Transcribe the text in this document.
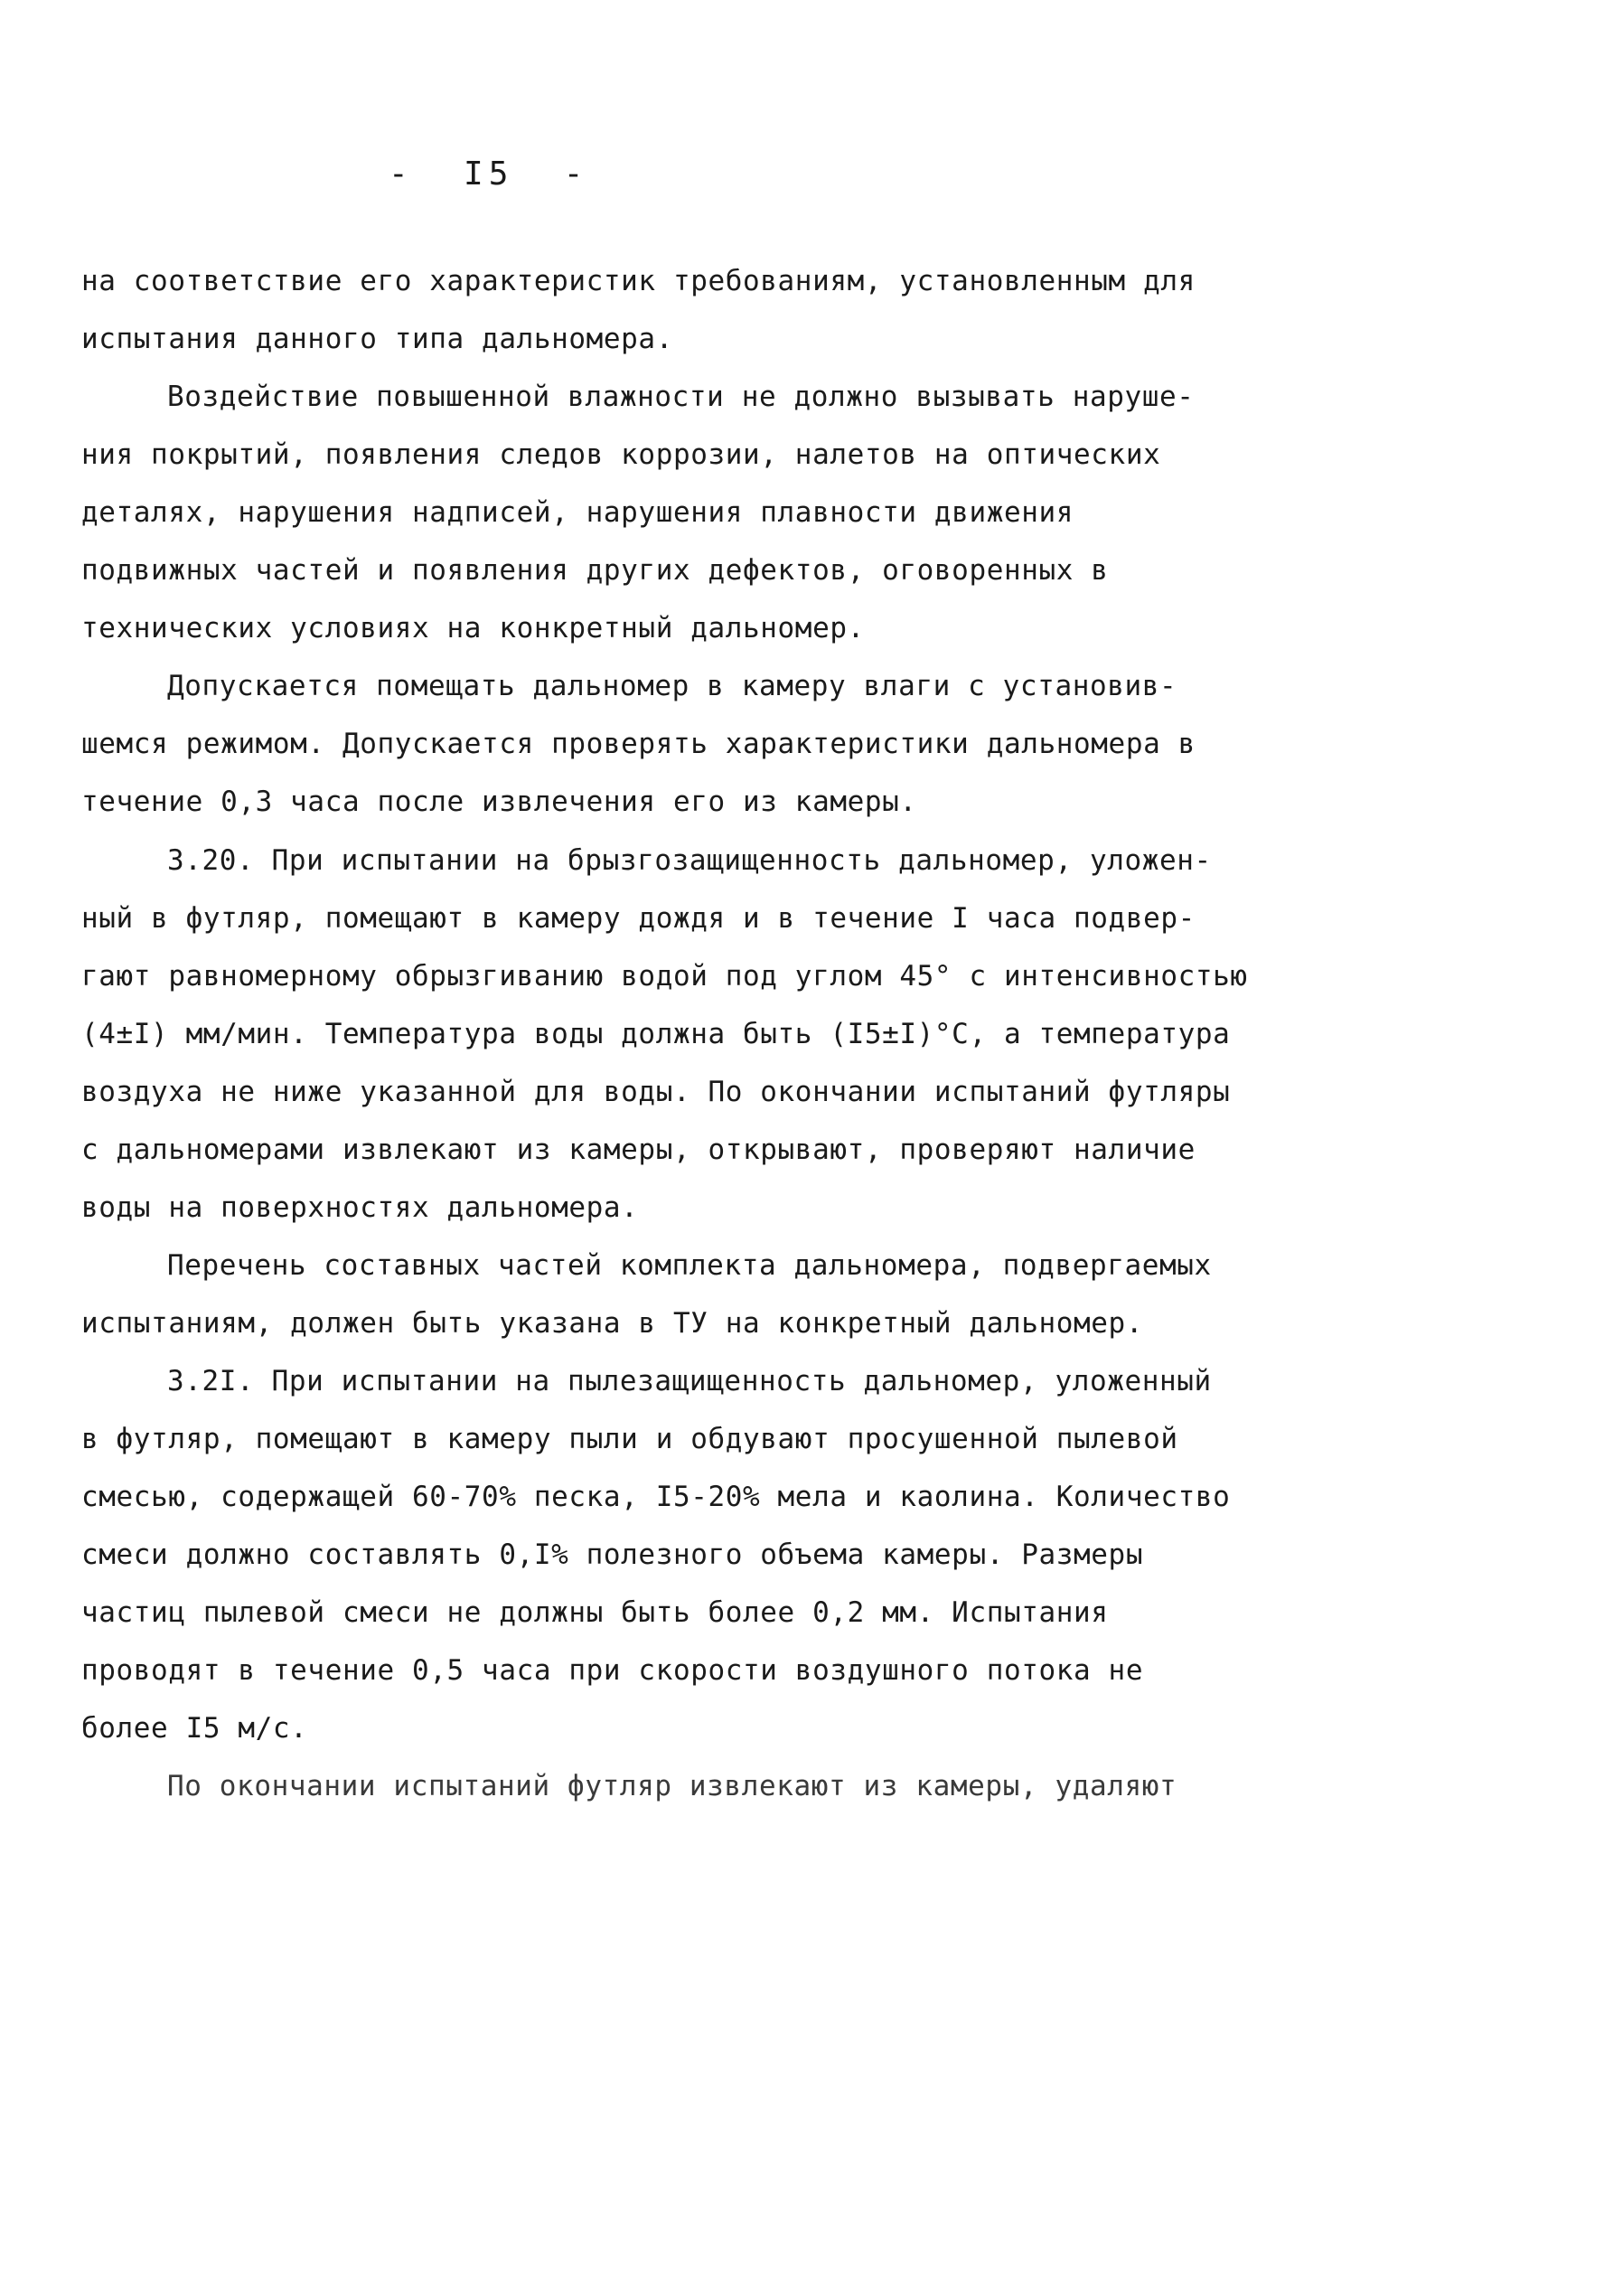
-  I5  -
на соответствие его характеристик требованиям, установленным для
испытания данного типа дальномера.
Воздействие повышенной влажности не должно вызывать наруше-
ния покрытий, появления следов коррозии, налетов на оптических
деталях, нарушения надписей, нарушения плавности движения
подвижных частей и появления других дефектов, оговоренных в
технических условиях на конкретный дальномер.
Допускается помещать дальномер в камеру влаги с установив-
шемся режимом. Допускается проверять характеристики дальномера в
течение 0,3 часа после извлечения его из камеры.
3.20. При испытании на брызгозащищенность дальномер, уложен-
ный в футляр, помещают в камеру дождя и в течение I часа подвер-
гают равномерному обрызгиванию водой под углом 45° с интенсивностью
(4±I) мм/мин. Температура воды должна быть (I5±I)°С, а температура
воздуха не ниже указанной для воды. По окончании испытаний футляры
с дальномерами извлекают из камеры, открывают, проверяют наличие
воды на поверхностях дальномера.
Перечень составных частей комплекта дальномера, подвергаемых
испытаниям, должен быть указана в ТУ на конкретный дальномер.
3.2I. При испытании на пылезащищенность дальномер, уложенный
в футляр, помещают в камеру пыли и обдувают просушенной пылевой
смесью, содержащей 60-70% песка, I5-20% мела и каолина. Количество
смеси должно составлять 0,I% полезного объема камеры. Размеры
частиц пылевой смеси не должны быть более 0,2 мм. Испытания
проводят в течение 0,5 часа при скорости воздушного потока не
более I5 м/с.
По окончании испытаний футляр извлекают из камеры, удаляют
